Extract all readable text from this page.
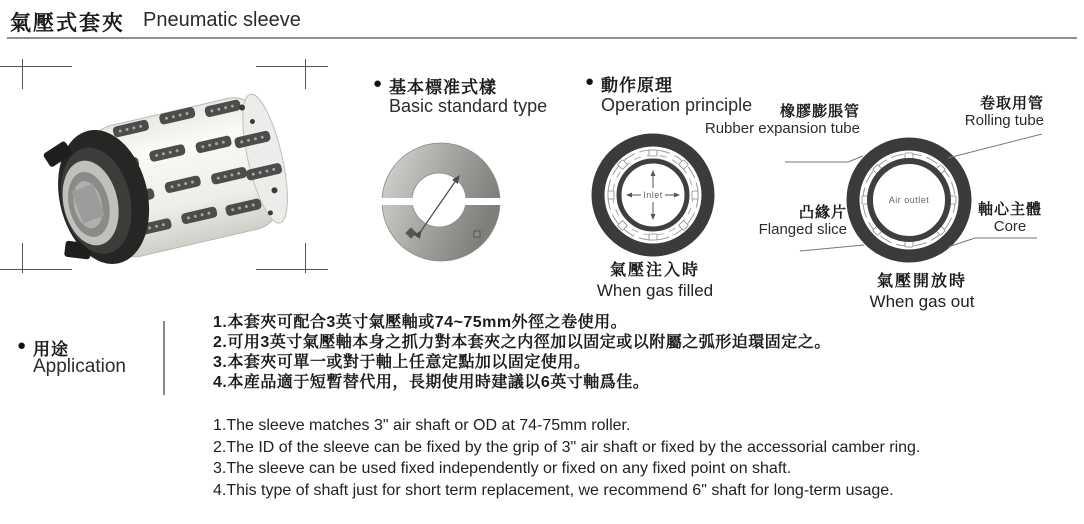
氣壓式套夾 Pneumatic sleeve
● 基本標准式樣
Basic standard type
● 動作原理
Operation principle
Inlet
氣壓注入時
When gas filled
Air outlet
氣壓開放時
When gas out
橡膠膨脹管
Rubber expansion tube
卷取用管
Rolling tube
凸緣片
Flanged slice
軸心主體
Core
● 用途
Application
1.本套夾可配合3英寸氣壓軸或74~75mm外徑之卷使用。
2.可用3英寸氣壓軸本身之抓力對本套夾之内徑加以固定或以附屬之弧形迫環固定之。
3.本套夾可單一或對于軸上任意定點加以固定使用。
4.本産品適于短暫替代用，長期使用時建議以6英寸軸爲佳。
1.The sleeve matches 3" air shaft or OD at 74-75mm roller.
2.The ID of the sleeve can be fixed by the grip of 3" air shaft or fixed by the accessorial camber ring.
3.The sleeve can be used fixed independently or fixed on any fixed point on shaft.
4.This type of shaft just for short term replacement, we recommend 6" shaft for long-term usage.
